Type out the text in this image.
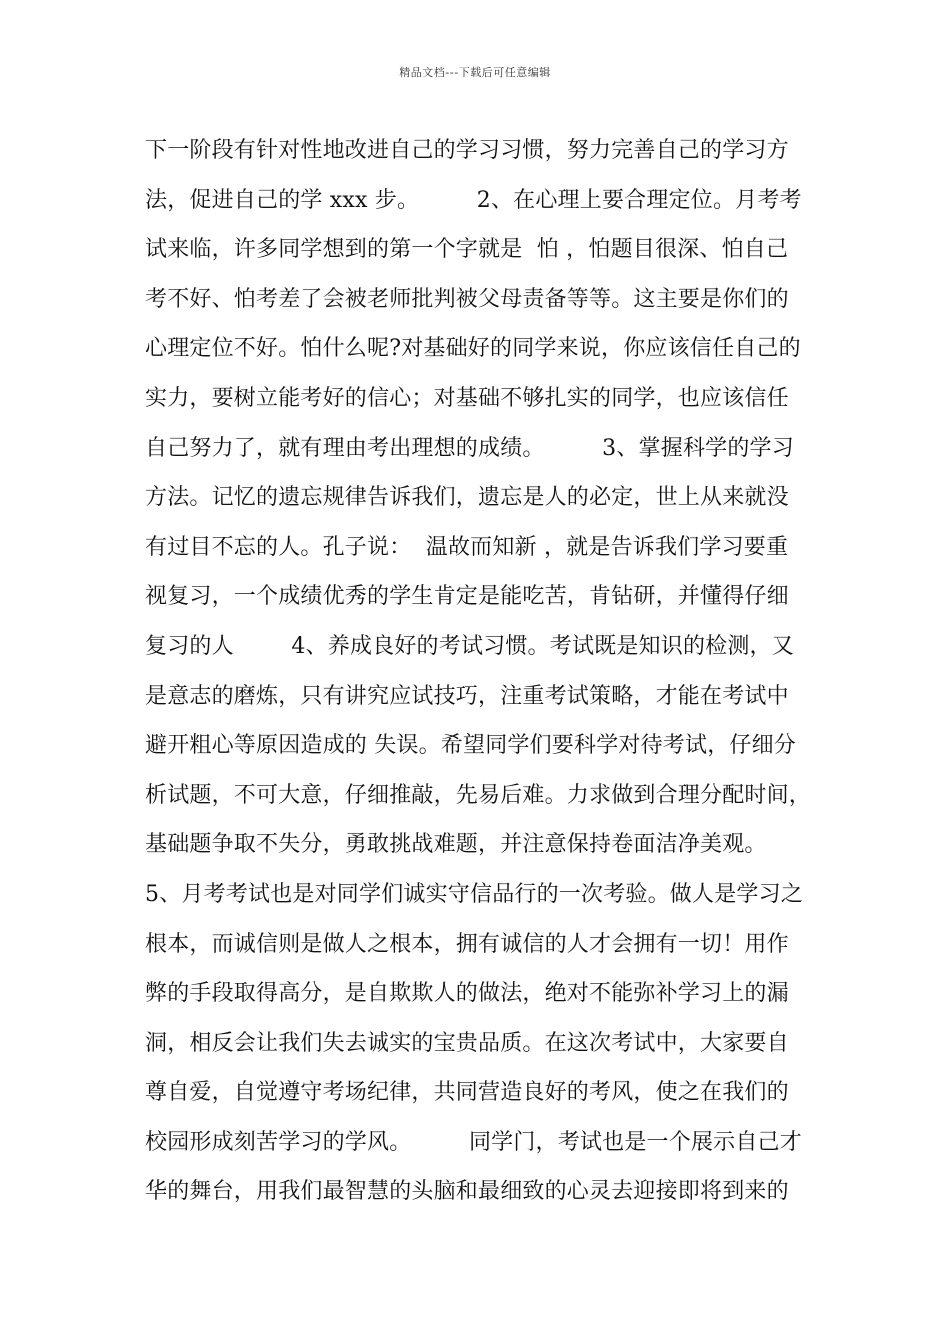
精品文档---下载后可任意编辑
下一阶段有针对性地改进自己的学习习惯，努力完善自己的学习方
法，促进自己的学 xxx 步。        2、在心理上要合理定位。月考考
试来临，许多同学想到的第一个字就是  怕 ，怕题目很深、怕自己
考不好、怕考差了会被老师批判被父母责备等等。这主要是你们的
心理定位不好。怕什么呢?对基础好的同学来说，你应该信任自己的
实力，要树立能考好的信心；对基础不够扎实的同学，也应该信任
自己努力了，就有理由考出理想的成绩。        3、掌握科学的学习
方法。记忆的遗忘规律告诉我们，遗忘是人的必定，世上从来就没
有过目不忘的人。孔子说：  温故而知新 ，就是告诉我们学习要重
视复习，一个成绩优秀的学生肯定是能吃苦，肯钻研，并懂得仔细
复习的人        4、养成良好的考试习惯。考试既是知识的检测，又
是意志的磨炼，只有讲究应试技巧，注重考试策略，才能在考试中
避开粗心等原因造成的 失误。希望同学们要科学对待考试，仔细分
析试题，不可大意，仔细推敲，先易后难。力求做到合理分配时间，
基础题争取不失分，勇敢挑战难题，并注意保持卷面洁净美观。
5、月考考试也是对同学们诚实守信品行的一次考验。做人是学习之
根本，而诚信则是做人之根本，拥有诚信的人才会拥有一切！用作
弊的手段取得高分，是自欺欺人的做法，绝对不能弥补学习上的漏
洞，相反会让我们失去诚实的宝贵品质。在这次考试中，大家要自
尊自爱，自觉遵守考场纪律，共同营造良好的考风，使之在我们的
校园形成刻苦学习的学风。        同学门，考试也是一个展示自己才
华的舞台，用我们最智慧的头脑和最细致的心灵去迎接即将到来的
